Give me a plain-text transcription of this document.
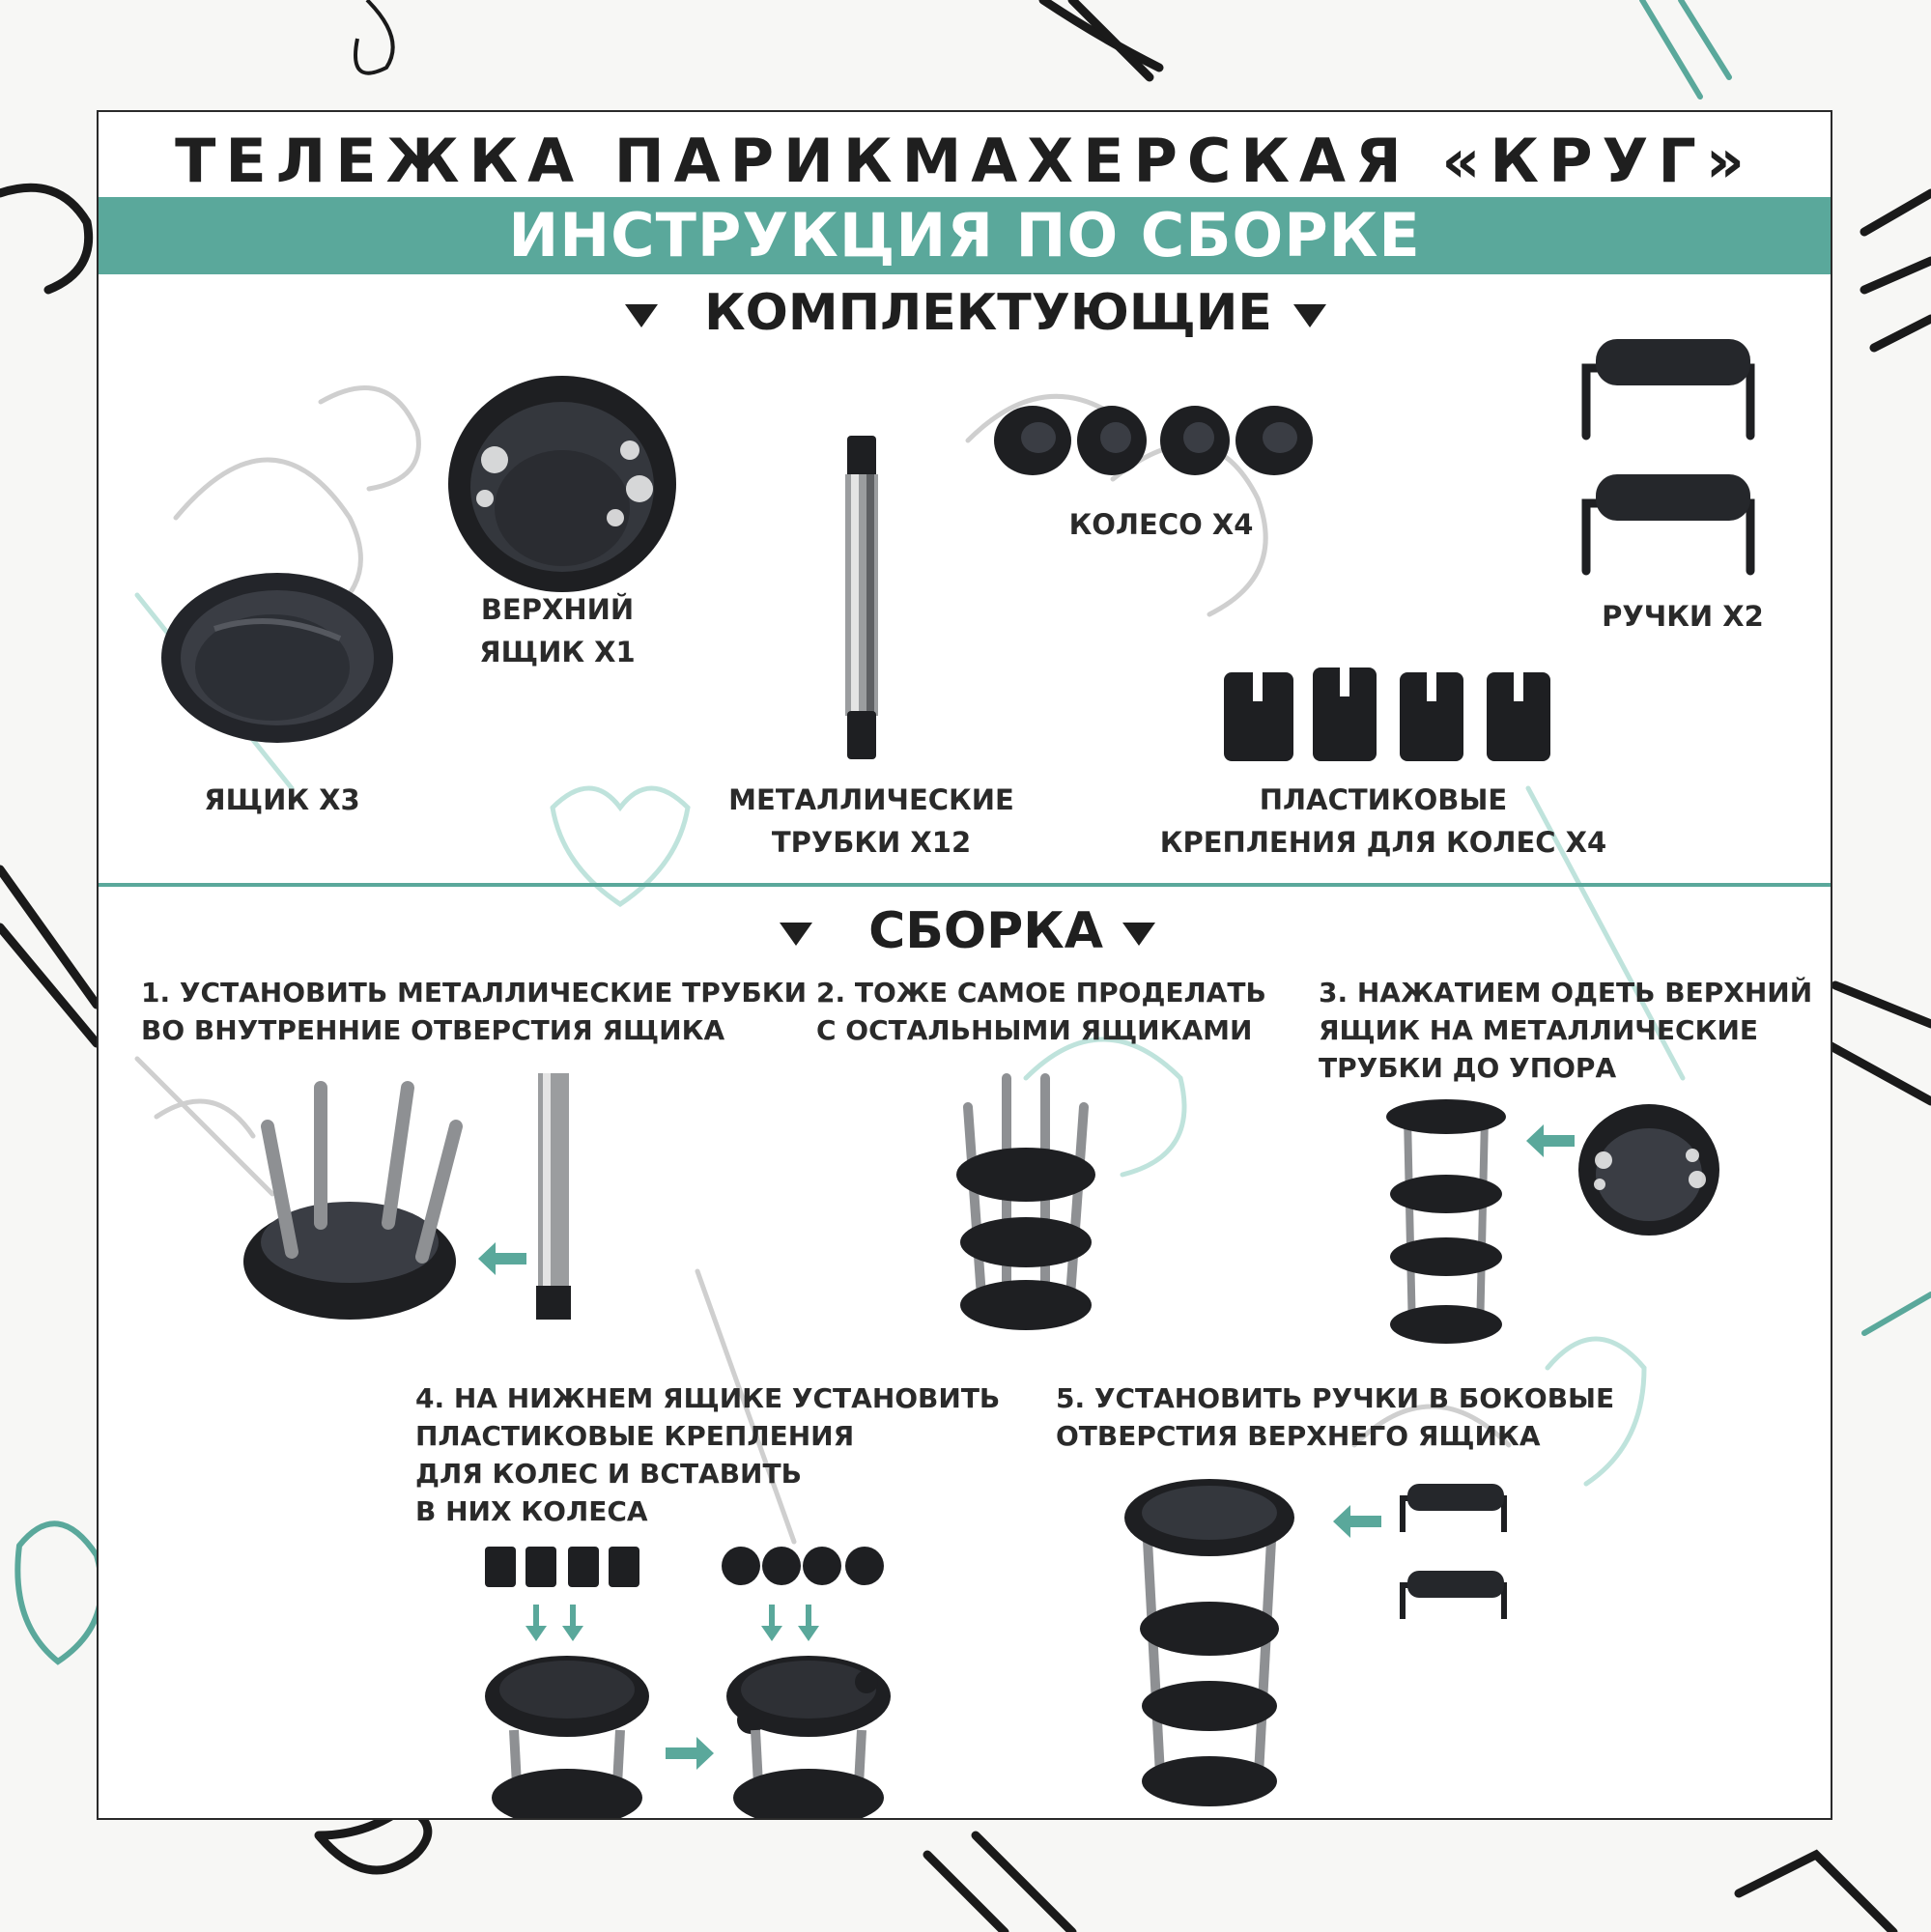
ТЕЛЕЖКА ПАРИКМАХЕРСКАЯ «КРУГ»
ИНСТРУКЦИЯ ПО СБОРКЕ
КОМПЛЕКТУЮЩИЕ
ЯЩИК Х3
ВЕРХНИЙ
ЯЩИК Х1
МЕТАЛЛИЧЕСКИЕ
ТРУБКИ Х12
КОЛЕСО Х4
РУЧКИ Х2
ПЛАСТИКОВЫЕ
КРЕПЛЕНИЯ ДЛЯ КОЛЕС Х4
СБОРКА
1. УСТАНОВИТЬ МЕТАЛЛИЧЕСКИЕ ТРУБКИ
ВО ВНУТРЕННИЕ ОТВЕРСТИЯ ЯЩИКА
2. ТОЖЕ САМОЕ ПРОДЕЛАТЬ
С ОСТАЛЬНЫМИ ЯЩИКАМИ
3. НАЖАТИЕМ ОДЕТЬ ВЕРХНИЙ
ЯЩИК НА МЕТАЛЛИЧЕСКИЕ
ТРУБКИ ДО УПОРА
4. НА НИЖНЕМ ЯЩИКЕ УСТАНОВИТЬ
ПЛАСТИКОВЫЕ КРЕПЛЕНИЯ
ДЛЯ КОЛЕС И ВСТАВИТЬ
В НИХ КОЛЕСА
5. УСТАНОВИТЬ РУЧКИ В БОКОВЫЕ
ОТВЕРСТИЯ ВЕРХНЕГО ЯЩИКА
